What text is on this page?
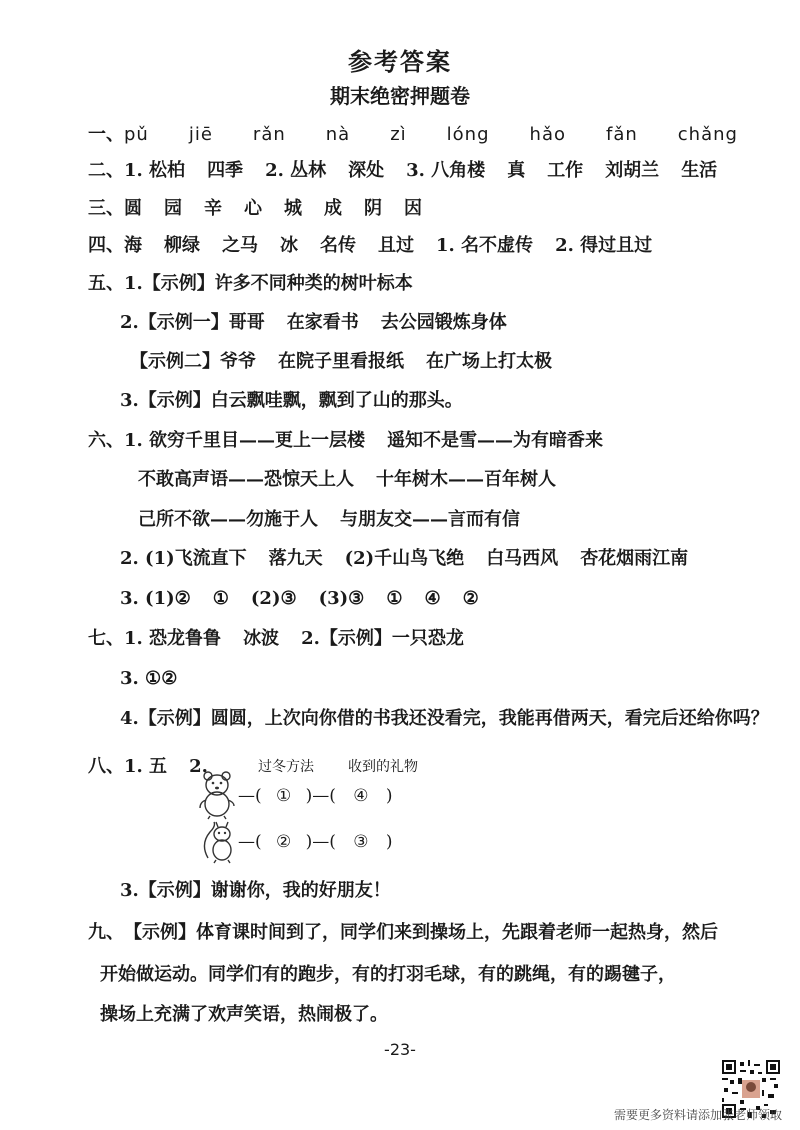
参考答案
期末绝密押题卷
一、pǔ jiē rǎn nà zì lóng hǎo fǎn chǎng
二、1. 松柏 四季 2. 丛林 深处 3. 八角楼 真 工作 刘胡兰 生活
三、圆 园 辛 心 城 成 阴 因
四、海 柳绿 之马 冰 名传 且过 1. 名不虚传 2. 得过且过
五、1.【示例】许多不同种类的树叶标本
2.【示例一】哥哥 在家看书 去公园锻炼身体
【示例二】爷爷 在院子里看报纸 在广场上打太极
3.【示例】白云飘哇飘，飘到了山的那头。
六、1. 欲穷千里目——更上一层楼 遥知不是雪——为有暗香来
不敢高声语——恐惊天上人 十年树木——百年树人
己所不欲——勿施于人 与朋友交——言而有信
2. (1)飞流直下 落九天 (2)千山鸟飞绝 白马西风 杏花烟雨江南
3. (1)② ① (2)③ (3)③ ① ④ ②
七、1. 恐龙鲁鲁 冰波 2.【示例】一只恐龙
3. ①②
4.【示例】圆圆，上次向你借的书我还没看完，我能再借两天，看完后还给你吗？
八、1. 五 2.	过冬方法 收到的礼物
—( ① )—( ④ )
—( ② )—( ③ )
3.【示例】谢谢你，我的好朋友！
九、【示例】体育课时间到了，同学们来到操场上，先跟着老师一起热身，然后
开始做运动。同学们有的跑步，有的打羽毛球，有的跳绳，有的踢毽子，
操场上充满了欢声笑语，热闹极了。
-23-
需要更多资料请添加张老师领取
